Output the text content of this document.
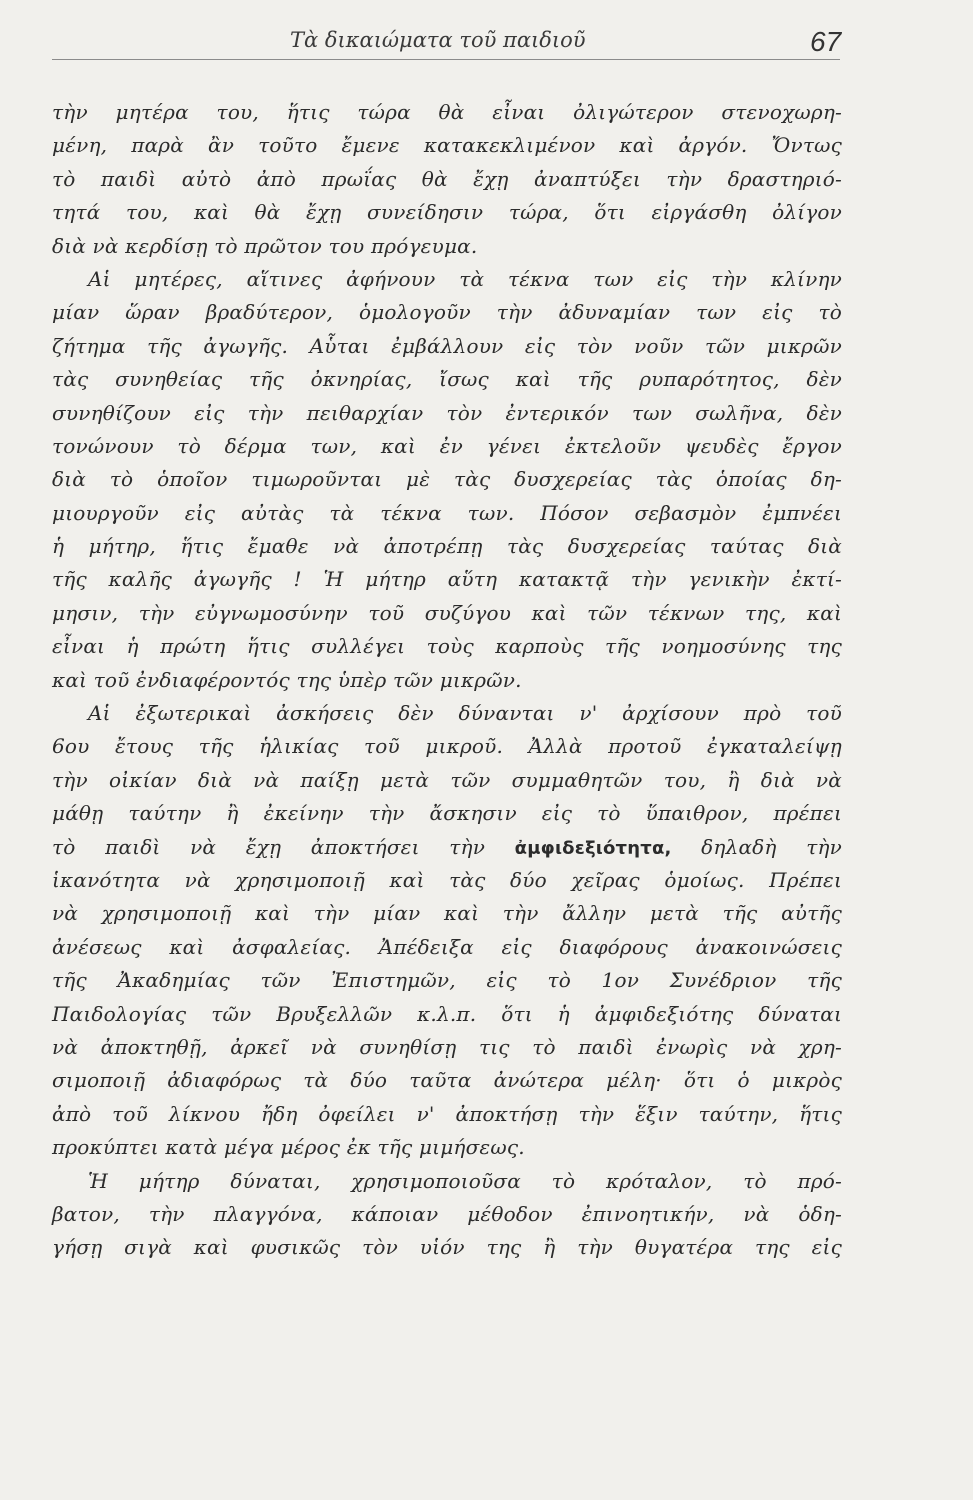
Τὰ δικαιώματα τοῦ παιδιοῦ	67
τὴν μητέρα του, ἥτις τώρα θὰ εἶναι ὀλιγώτερον στενοχωρη-
μένη, παρὰ ἂν τοῦτο ἔμενε κατακεκλιμένον καὶ ἀργόν. Ὄντως
τὸ παιδὶ αὐτὸ ἀπὸ πρωΐας θὰ ἔχῃ ἀναπτύξει τὴν δραστηριό-
τητά του, καὶ θὰ ἔχῃ συνείδησιν τώρα, ὅτι εἰργάσθη ὀλίγον
διὰ νὰ κερδίσῃ τὸ πρῶτον του πρόγευμα.
Αἱ μητέρες, αἵτινες ἀφήνουν τὰ τέκνα των εἰς τὴν κλίνην
μίαν ὥραν βραδύτερον, ὁμολογοῦν τὴν ἀδυναμίαν των εἰς τὸ
ζήτημα τῆς ἀγωγῆς. Αὗται ἐμβάλλουν εἰς τὸν νοῦν τῶν μικρῶν
τὰς συνηθείας τῆς ὀκνηρίας, ἴσως καὶ τῆς ρυπαρότητος, δὲν
συνηθίζουν εἰς τὴν πειθαρχίαν τὸν ἐντερικόν των σωλῆνα, δὲν
τονώνουν τὸ δέρμα των, καὶ ἐν γένει ἐκτελοῦν ψευδὲς ἔργον
διὰ τὸ ὁποῖον τιμωροῦνται μὲ τὰς δυσχερείας τὰς ὁποίας δη-
μιουργοῦν εἰς αὐτὰς τὰ τέκνα των. Πόσον σεβασμὸν ἐμπνέει
ἡ μήτηρ, ἥτις ἔμαθε νὰ ἀποτρέπῃ τὰς δυσχερείας ταύτας διὰ
τῆς καλῆς ἀγωγῆς ! Ἡ μήτηρ αὕτη κατακτᾷ τὴν γενικὴν ἐκτί-
μησιν, τὴν εὐγνωμοσύνην τοῦ συζύγου καὶ τῶν τέκνων της, καὶ
εἶναι ἡ πρώτη ἥτις συλλέγει τοὺς καρποὺς τῆς νοημοσύνης της
καὶ τοῦ ἐνδιαφέροντός της ὑπὲρ τῶν μικρῶν.
Αἱ ἐξωτερικαὶ ἀσκήσεις δὲν δύνανται ν' ἀρχίσουν πρὸ τοῦ
6ου ἔτους τῆς ἡλικίας τοῦ μικροῦ. Ἀλλὰ προτοῦ ἐγκαταλείψῃ
τὴν οἰκίαν διὰ νὰ παίξῃ μετὰ τῶν συμμαθητῶν του, ἢ διὰ νὰ
μάθῃ ταύτην ἢ ἐκείνην τὴν ἄσκησιν εἰς τὸ ὕπαιθρον, πρέπει
τὸ παιδὶ νὰ ἔχῃ ἀποκτήσει τὴν ἀμφιδεξιότητα, δηλαδὴ τὴν
ἱκανότητα νὰ χρησιμοποιῇ καὶ τὰς δύο χεῖρας ὁμοίως. Πρέπει
νὰ χρησιμοποιῇ καὶ τὴν μίαν καὶ τὴν ἄλλην μετὰ τῆς αὐτῆς
ἀνέσεως καὶ ἀσφαλείας. Ἀπέδειξα εἰς διαφόρους ἀνακοινώσεις
τῆς Ἀκαδημίας τῶν Ἐπιστημῶν, εἰς τὸ 1ον Συνέδριον τῆς
Παιδολογίας τῶν Βρυξελλῶν κ.λ.π. ὅτι ἡ ἀμφιδεξιότης δύναται
νὰ ἀποκτηθῇ, ἀρκεῖ νὰ συνηθίσῃ τις τὸ παιδὶ ἐνωρὶς νὰ χρη-
σιμοποιῇ ἀδιαφόρως τὰ δύο ταῦτα ἀνώτερα μέλη· ὅτι ὁ μικρὸς
ἀπὸ τοῦ λίκνου ἤδη ὀφείλει ν' ἀποκτήσῃ τὴν ἕξιν ταύτην, ἥτις
προκύπτει κατὰ μέγα μέρος ἐκ τῆς μιμήσεως.
Ἡ μήτηρ δύναται, χρησιμοποιοῦσα τὸ κρόταλον, τὸ πρό-
βατον, τὴν πλαγγόνα, κάποιαν μέθοδον ἐπινοητικήν, νὰ ὁδη-
γήσῃ σιγὰ καὶ φυσικῶς τὸν υἱόν της ἢ τὴν θυγατέρα της εἰς
